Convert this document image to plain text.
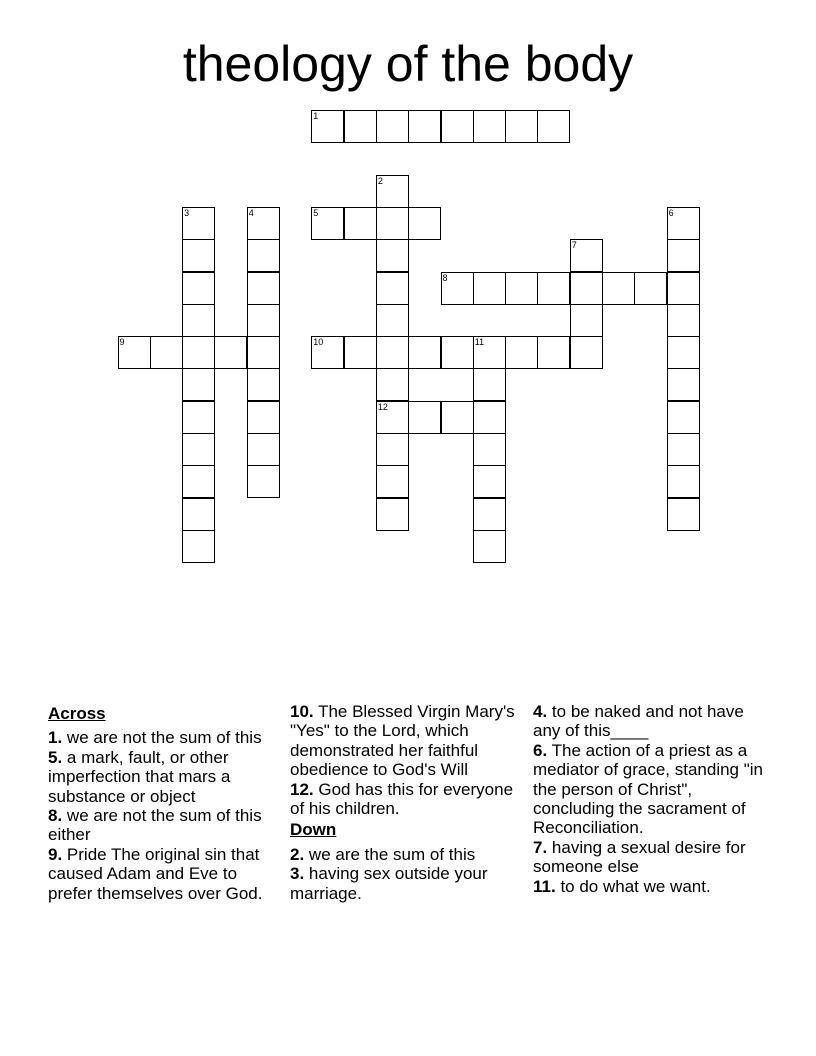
theology of the body
1
2
3	4	5	6
7
8
9	10	11
12
Across

1. we are not the sum of this

5. a mark, fault, or other imperfection that mars a substance or object

8. we are not the sum of this either

9. Pride The original sin that caused Adam and Eve to prefer themselves over God.

10. The Blessed Virgin Mary's "Yes" to the Lord, which demonstrated her faithful obedience to God's Will

12. God has this for everyone of his children.

Down

2. we are the sum of this

3. having sex outside your marriage.

4. to be naked and not have any of this____

6. The action of a priest as a mediator of grace, standing "in the person of Christ", concluding the sacrament of Reconciliation.

7. having a sexual desire for someone else

11. to do what we want.
